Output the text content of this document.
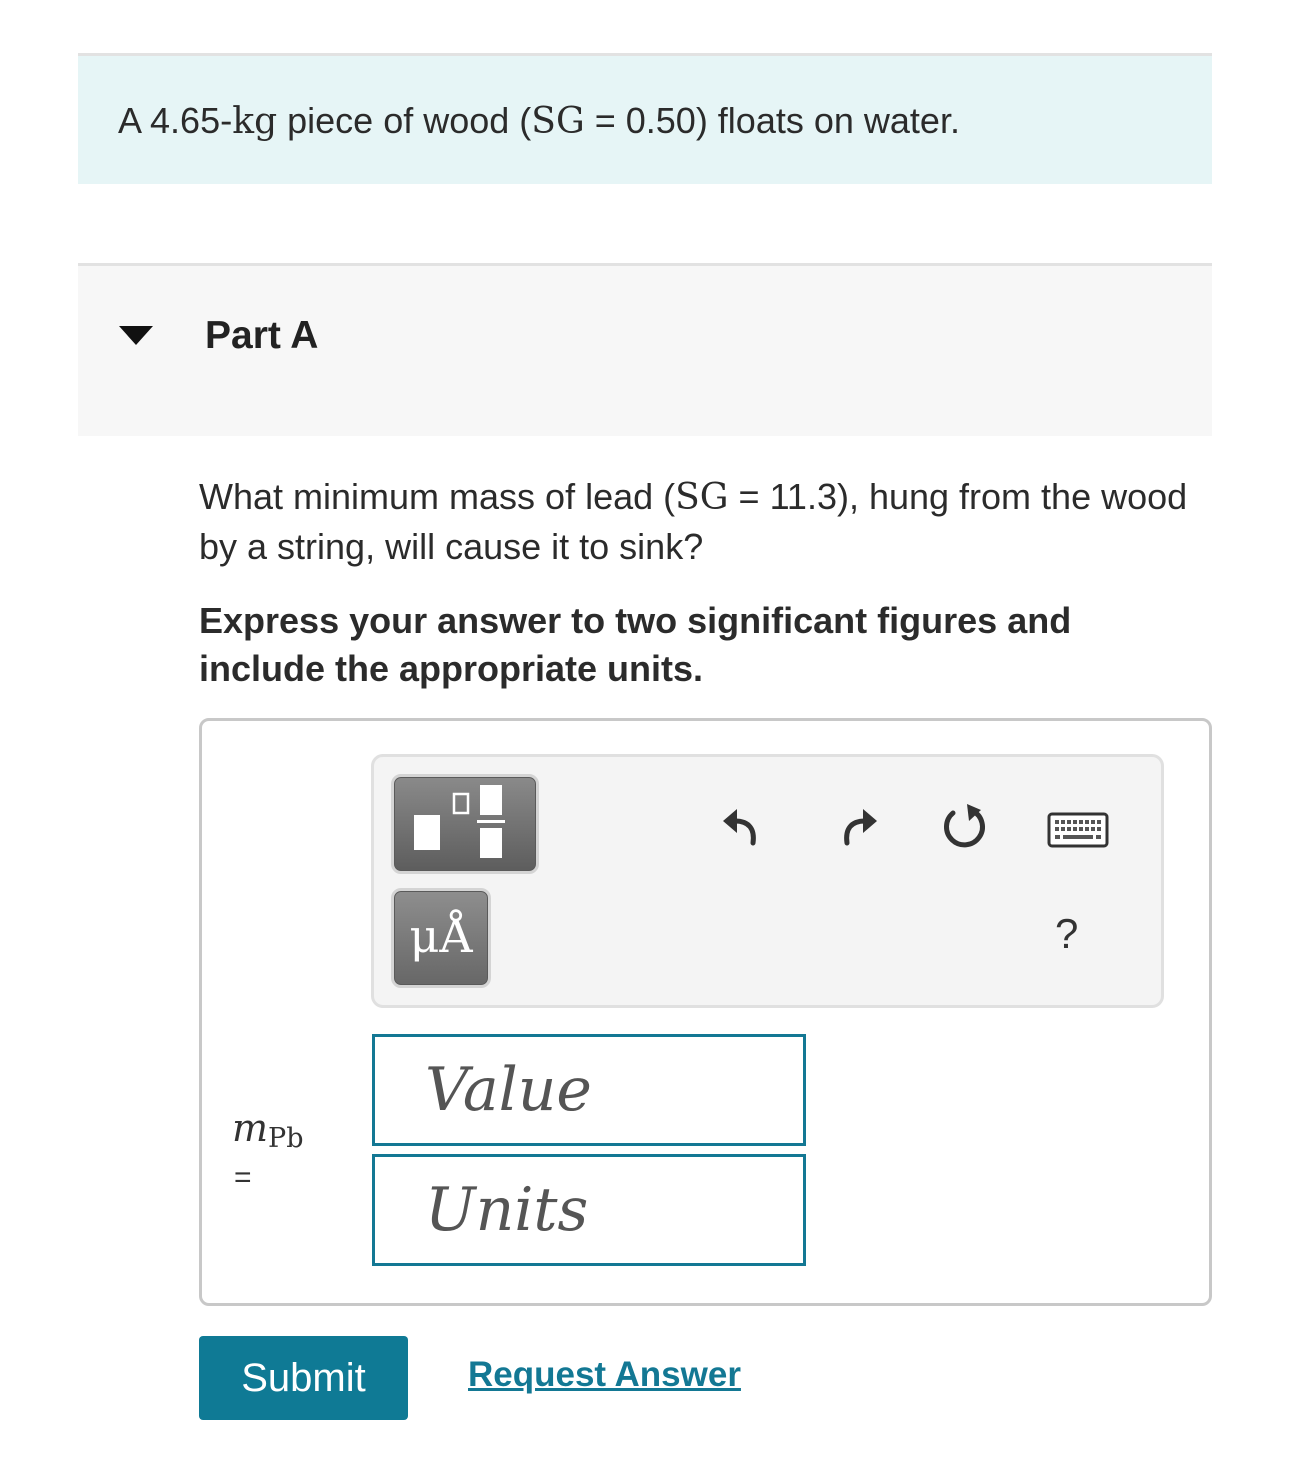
A 4.65-kg piece of wood (SG = 0.50) floats on water.
Part A
What minimum mass of lead (SG = 11.3), hung from the wood by a string, will cause it to sink?
Express your answer to two significant figures and include the appropriate units.
μÅ	?
$m_{Pb}$
=
Value
Units
Submit	Request Answer
